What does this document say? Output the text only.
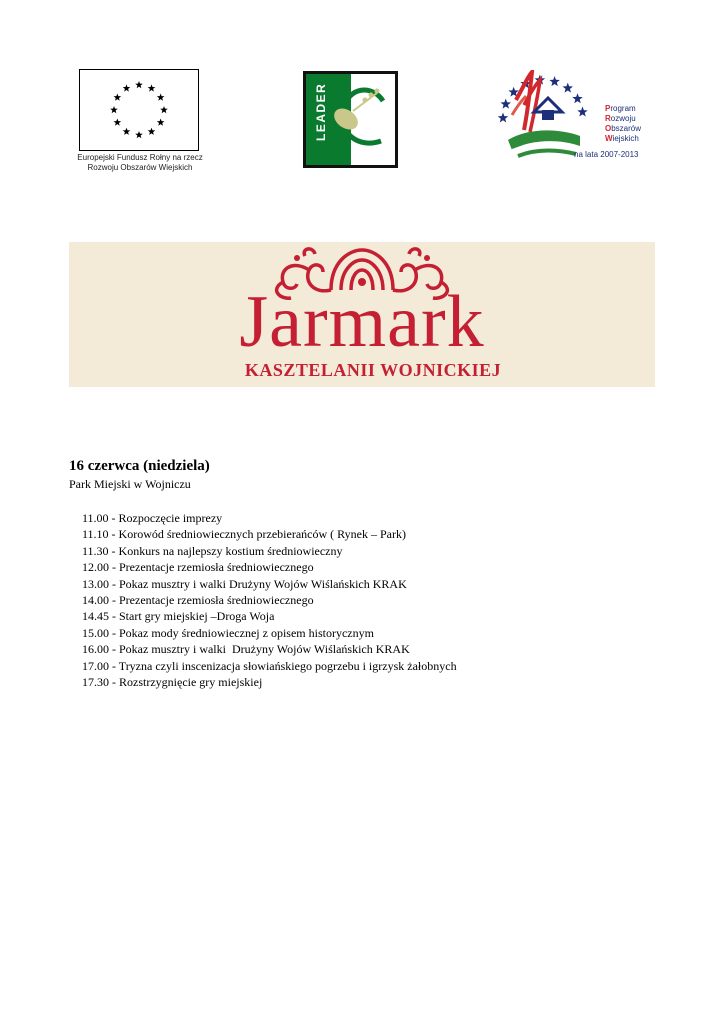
Europejski Fundusz Rołny na rzecz
Rozwoju Obszarów Wiejskich
LEADER	Program
Rozwoju
Obszarów
Wiejskich
na lata 2007-2013
Jarmark
KASZTELANII WOJNICKIEJ
16 czerwca (niedziela)
Park Miejski w Wojniczu
11.00 - Rozpoczęcie imprezy
11.10 - Korowód średniowiecznych przebierańców ( Rynek – Park)
11.30 - Konkurs na najlepszy kostium średniowieczny
12.00 - Prezentacje rzemiosła średniowiecznego
13.00 - Pokaz musztry i walki Drużyny Wojów Wiślańskich KRAK
14.00 - Prezentacje rzemiosła średniowiecznego
14.45 - Start gry miejskiej –Droga Woja
15.00 - Pokaz mody średniowiecznej z opisem historycznym
16.00 - Pokaz musztry i walki  Drużyny Wojów Wiślańskich KRAK
17.00 - Tryzna czyli inscenizacja słowiańskiego pogrzebu i igrzysk żałobnych
17.30 - Rozstrzygnięcie gry miejskiej
